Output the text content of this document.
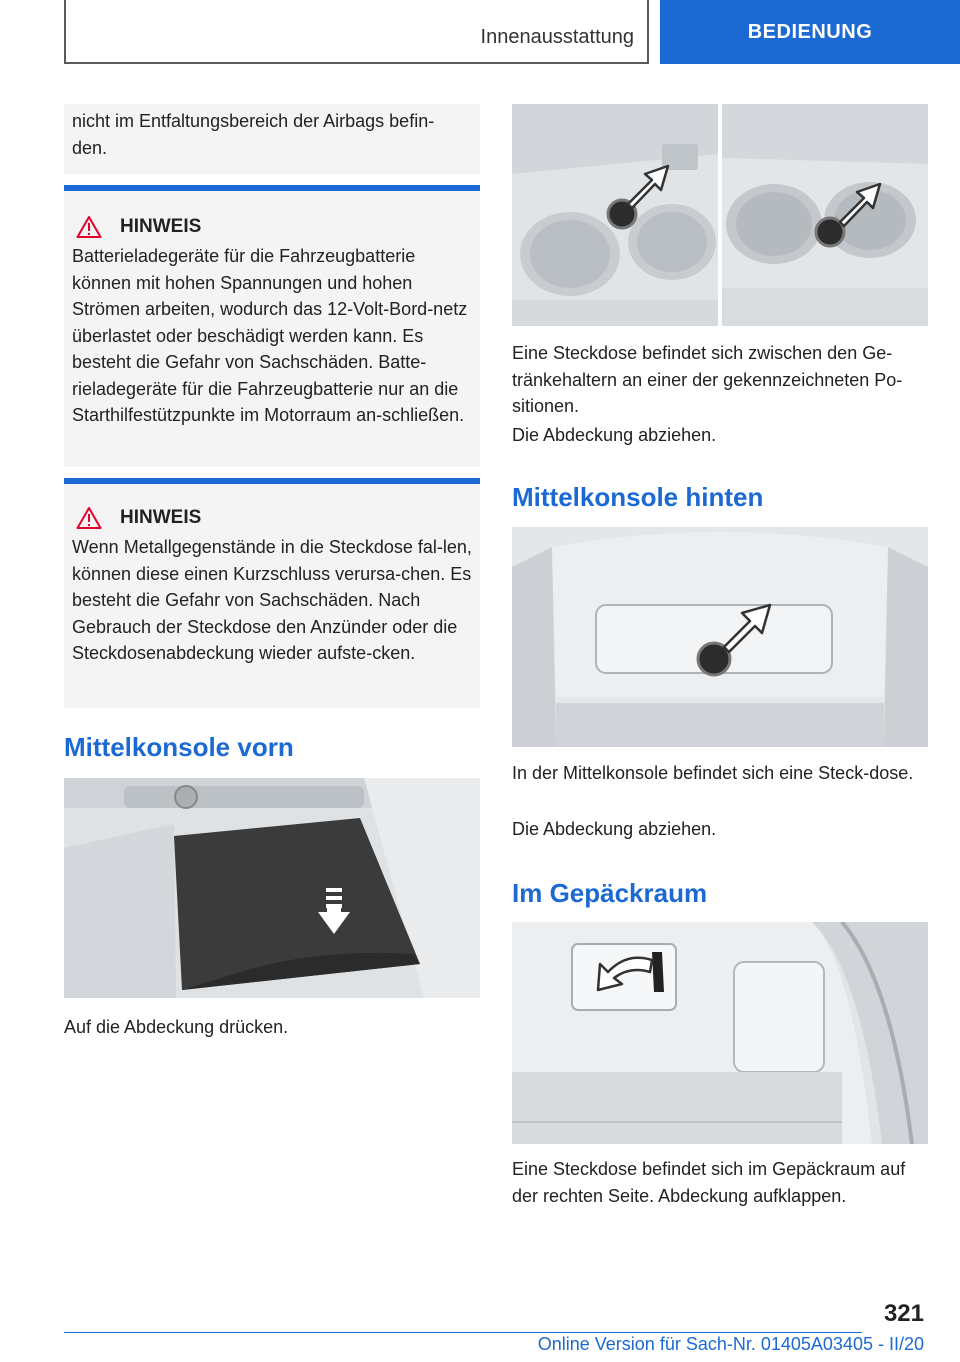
Innenausstattung	BEDIENUNG
nicht im Entfaltungsbereich der Airbags befin-
den.
HINWEIS
Batterieladegeräte für die Fahrzeugbatterie können mit hohen Spannungen und hohen Strömen arbeiten, wodurch das 12-Volt-Bord-netz überlastet oder beschädigt werden kann. Es besteht die Gefahr von Sachschäden. Batte-rieladegeräte für die Fahrzeugbatterie nur an die Starthilfestützpunkte im Motorraum an-schließen.
HINWEIS
Wenn Metallgegenstände in die Steckdose fal-len, können diese einen Kurzschluss verursa-chen. Es besteht die Gefahr von Sachschäden. Nach Gebrauch der Steckdose den Anzünder oder die Steckdosenabdeckung wieder aufste-cken.
Mittelkonsole vorn
Auf die Abdeckung drücken.
Eine Steckdose befindet sich zwischen den Ge-tränkehaltern an einer der gekennzeichneten Po-sitionen.
Die Abdeckung abziehen.
Mittelkonsole hinten
In der Mittelkonsole befindet sich eine Steck-dose.
Die Abdeckung abziehen.
Im Gepäckraum
Eine Steckdose befindet sich im Gepäckraum auf der rechten Seite. Abdeckung aufklappen.
321
Online Version für Sach-Nr. 01405A03405 - II/20
